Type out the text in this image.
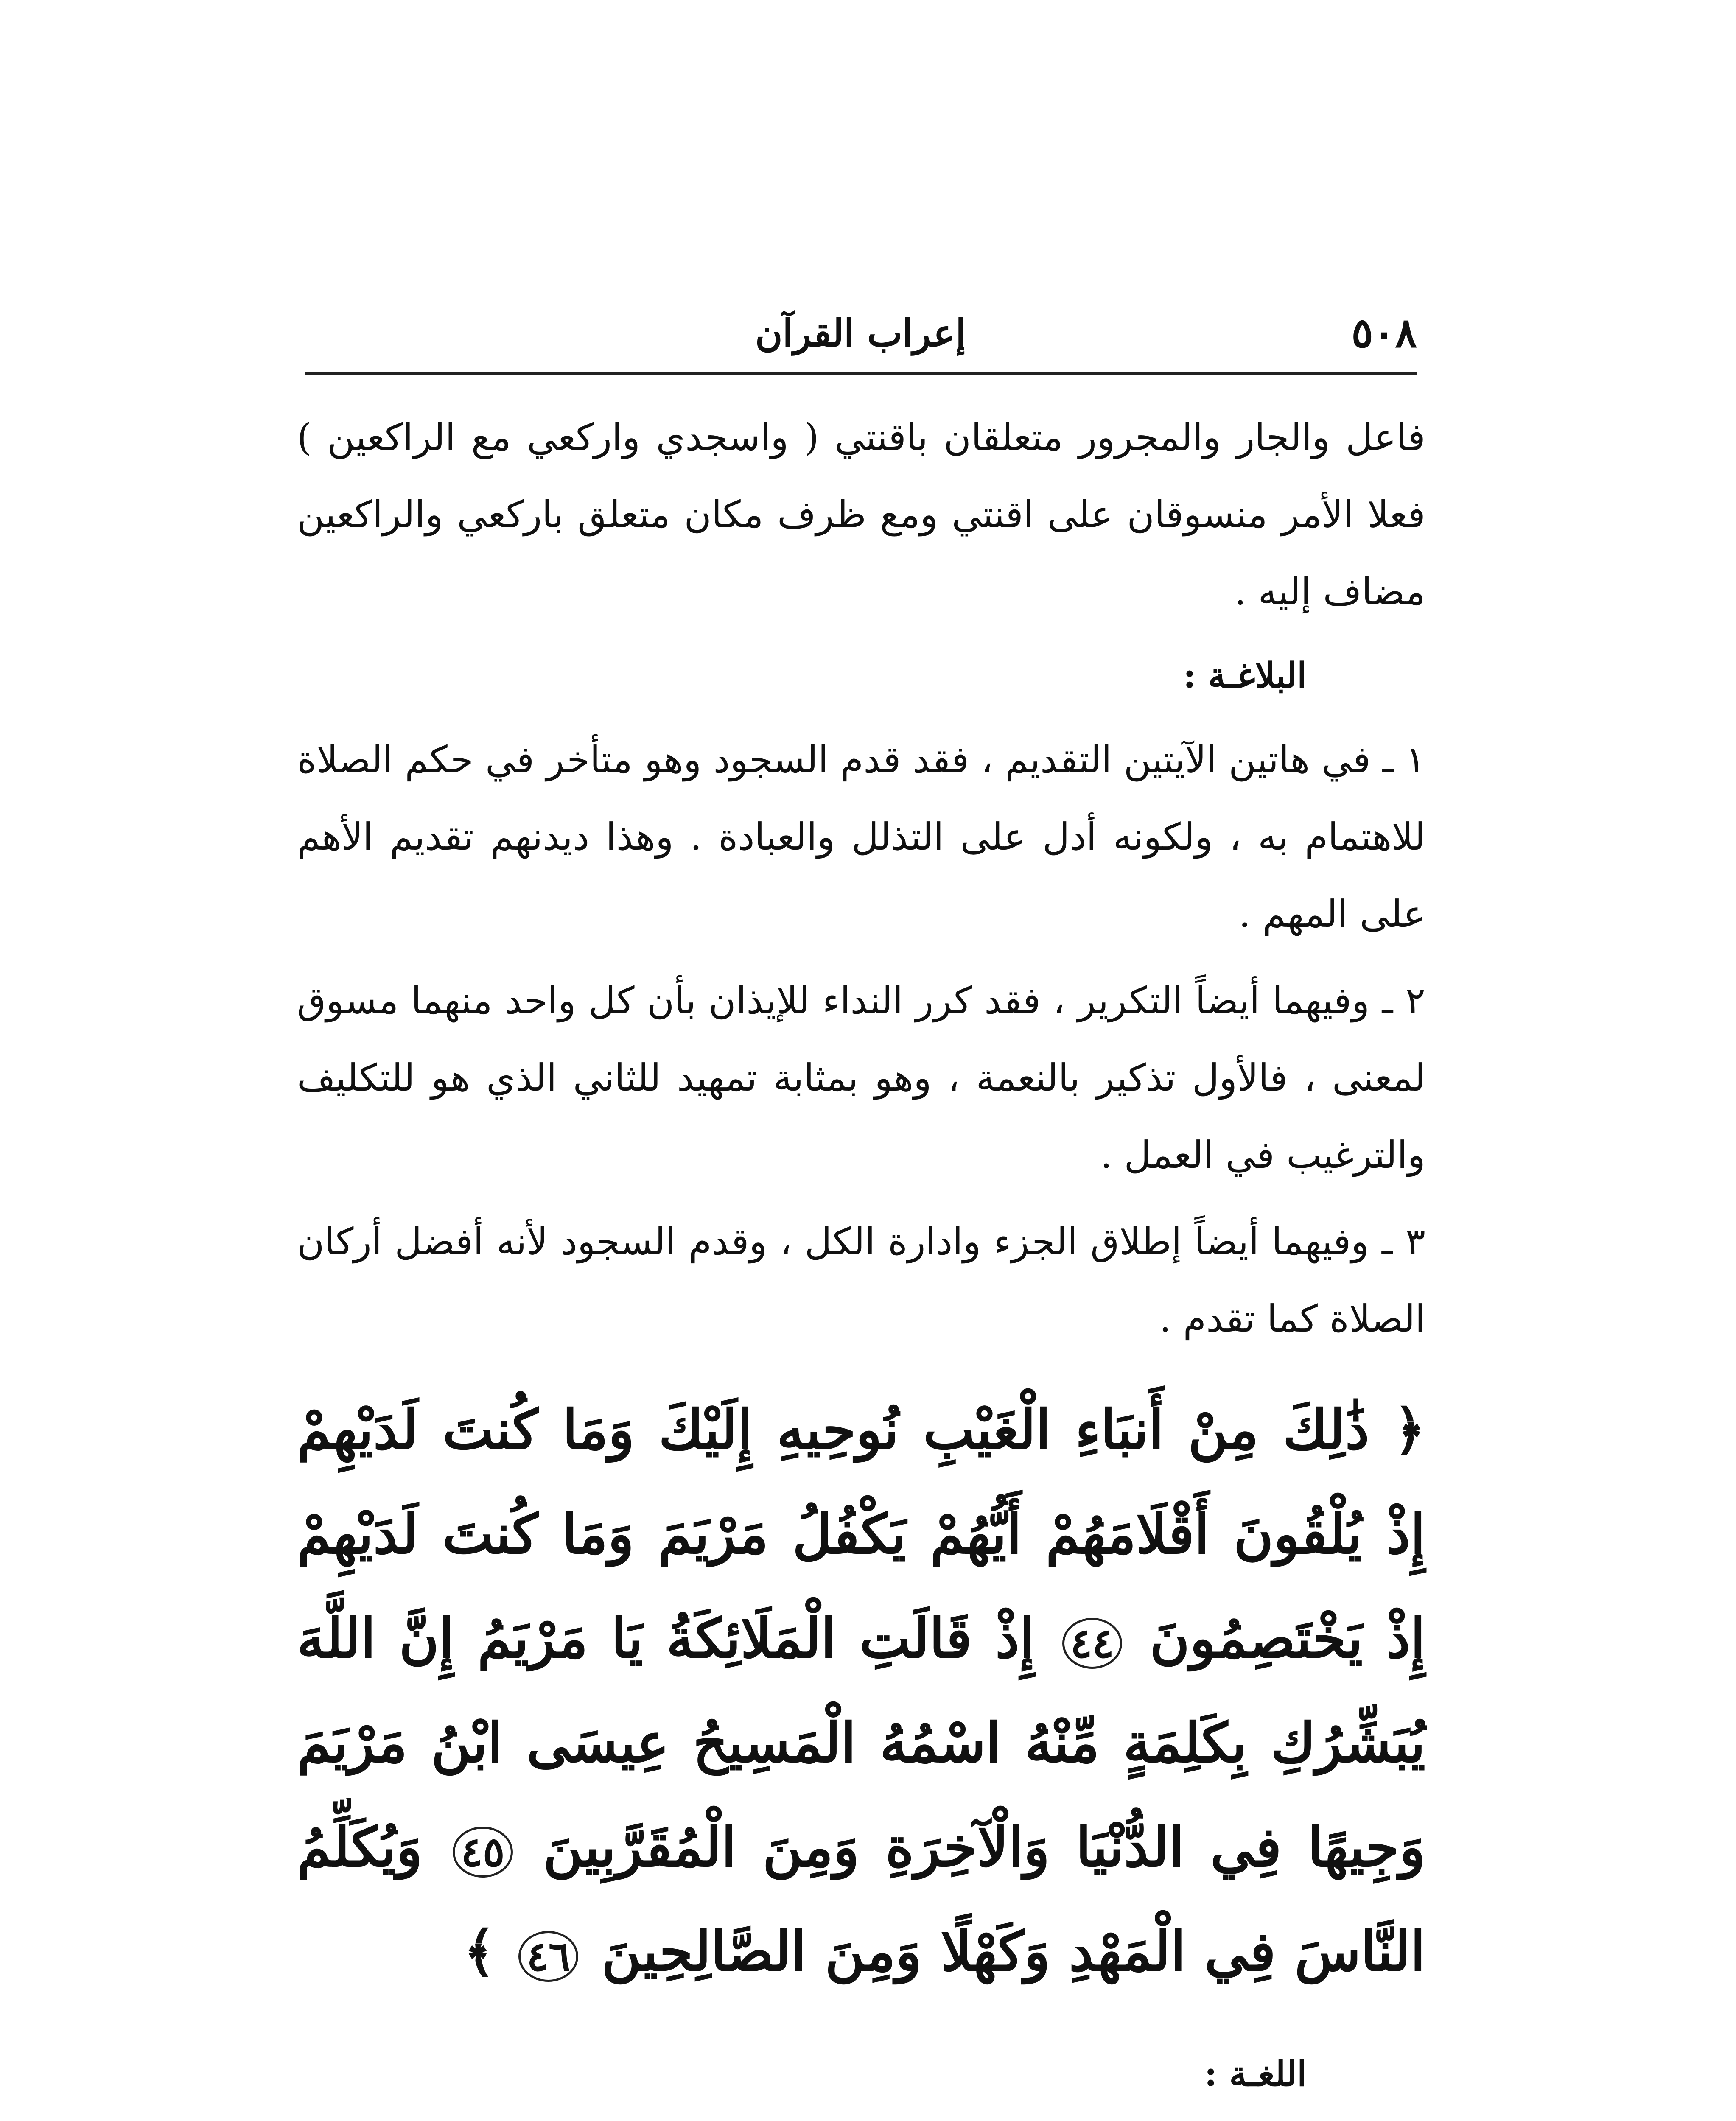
٥٠٨
إعراب القرآن

فاعل والجار والمجرور متعلقان باقنتي ( واسجدي واركعي مع الراكعين ) فعلا الأمر منسوقان على اقنتي ومع ظرف مكان متعلق باركعي والراكعين مضاف إليه .

البلاغـة :

١ ـ في هاتين الآيتين التقديم ، فقد قدم السجود وهو متأخر في حكم الصلاة للاهتمام به ، ولكونه أدل على التذلل والعبادة . وهذا ديدنهم تقديم الأهم على المهم .

٢ ـ وفيهما أيضاً التكرير ، فقد كرر النداء للإيذان بأن كل واحد منهما مسوق لمعنى ، فالأول تذكير بالنعمة ، وهو بمثابة تمهيد للثاني الذي هو للتكليف والترغيب في العمل .

٣ ـ وفيهما أيضاً إطلاق الجزء وادارة الكل ، وقدم السجود لأنه أفضل أركان الصلاة كما تقدم .

﴿ ذَٰلِكَ مِنْ أَنبَاءِ الْغَيْبِ نُوحِيهِ إِلَيْكَ وَمَا كُنتَ لَدَيْهِمْ إِذْ يُلْقُونَ أَقْلَامَهُمْ أَيُّهُمْ يَكْفُلُ مَرْيَمَ وَمَا كُنتَ لَدَيْهِمْ إِذْ يَخْتَصِمُونَ ٤٤ إِذْ قَالَتِ الْمَلَائِكَةُ يَا مَرْيَمُ إِنَّ اللَّهَ يُبَشِّرُكِ بِكَلِمَةٍ مِّنْهُ اسْمُهُ الْمَسِيحُ عِيسَى ابْنُ مَرْيَمَ وَجِيهًا فِي الدُّنْيَا وَالْآخِرَةِ وَمِنَ الْمُقَرَّبِينَ ٤٥ وَيُكَلِّمُ النَّاسَ فِي الْمَهْدِ وَكَهْلًا وَمِنَ الصَّالِحِينَ ٤٦ ﴾

اللغـة :
